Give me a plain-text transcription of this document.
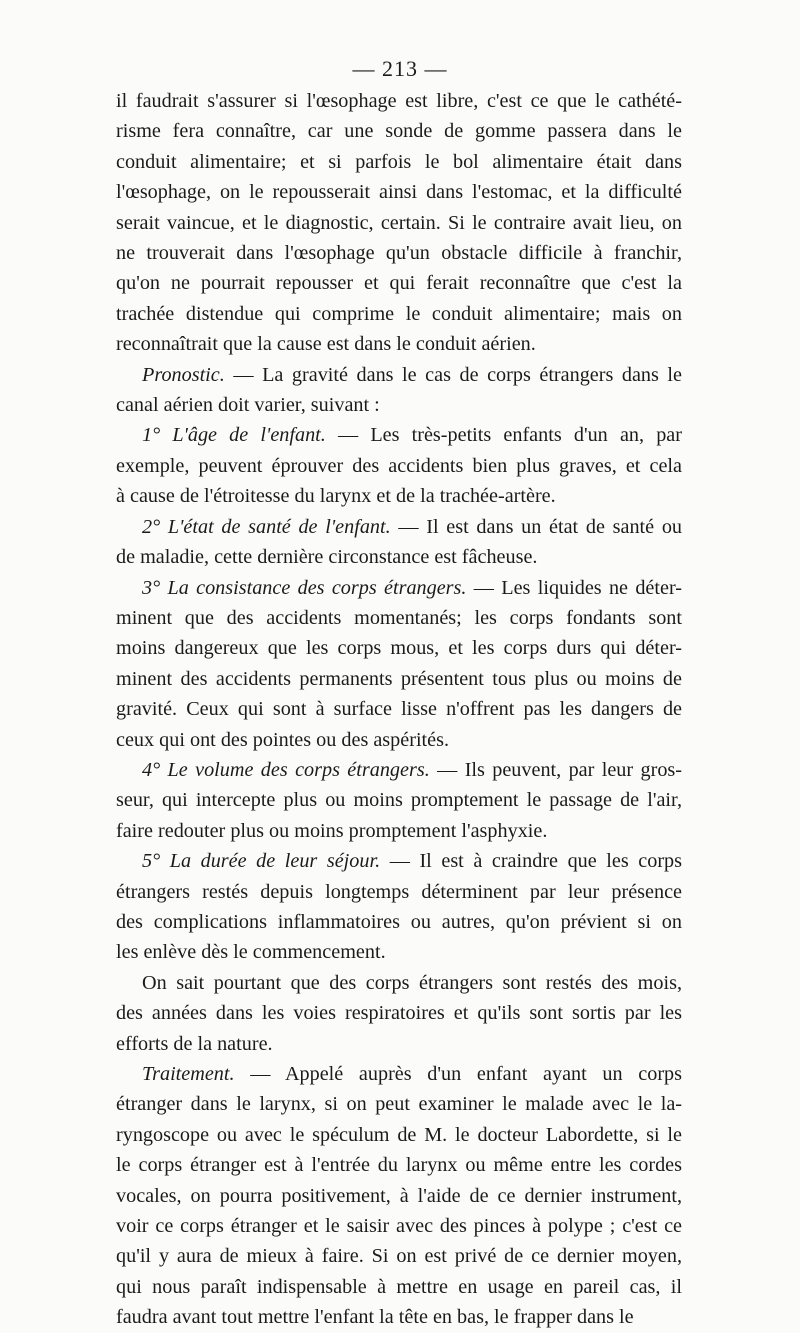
— 213 —
il faudrait s'assurer si l'œsophage est libre, c'est ce que le cathété-
risme fera connaître, car une sonde de gomme passera dans le
conduit alimentaire; et si parfois le bol alimentaire était dans
l'œsophage, on le repousserait ainsi dans l'estomac, et la difficulté
serait vaincue, et le diagnostic, certain. Si le contraire avait lieu, on
ne trouverait dans l'œsophage qu'un obstacle difficile à franchir,
qu'on ne pourrait repousser et qui ferait reconnaître que c'est la
trachée distendue qui comprime le conduit alimentaire; mais on
reconnaîtrait que la cause est dans le conduit aérien.
Pronostic. — La gravité dans le cas de corps étrangers dans le
canal aérien doit varier, suivant :
1° L'âge de l'enfant. — Les très-petits enfants d'un an, par
exemple, peuvent éprouver des accidents bien plus graves, et cela
à cause de l'étroitesse du larynx et de la trachée-artère.
2° L'état de santé de l'enfant. — Il est dans un état de santé ou
de maladie, cette dernière circonstance est fâcheuse.
3° La consistance des corps étrangers. — Les liquides ne déter-
minent que des accidents momentanés; les corps fondants sont
moins dangereux que les corps mous, et les corps durs qui déter-
minent des accidents permanents présentent tous plus ou moins de
gravité. Ceux qui sont à surface lisse n'offrent pas les dangers de
ceux qui ont des pointes ou des aspérités.
4° Le volume des corps étrangers. — Ils peuvent, par leur gros-
seur, qui intercepte plus ou moins promptement le passage de l'air,
faire redouter plus ou moins promptement l'asphyxie.
5° La durée de leur séjour. — Il est à craindre que les corps
étrangers restés depuis longtemps déterminent par leur présence
des complications inflammatoires ou autres, qu'on prévient si on
les enlève dès le commencement.
On sait pourtant que des corps étrangers sont restés des mois,
des années dans les voies respiratoires et qu'ils sont sortis par les
efforts de la nature.
Traitement. — Appelé auprès d'un enfant ayant un corps
étranger dans le larynx, si on peut examiner le malade avec le la-
ryngoscope ou avec le spéculum de M. le docteur Labordette, si le
le corps étranger est à l'entrée du larynx ou même entre les cordes
vocales, on pourra positivement, à l'aide de ce dernier instrument,
voir ce corps étranger et le saisir avec des pinces à polype ; c'est ce
qu'il y aura de mieux à faire. Si on est privé de ce dernier moyen,
qui nous paraît indispensable à mettre en usage en pareil cas, il
faudra avant tout mettre l'enfant la tête en bas, le frapper dans le
